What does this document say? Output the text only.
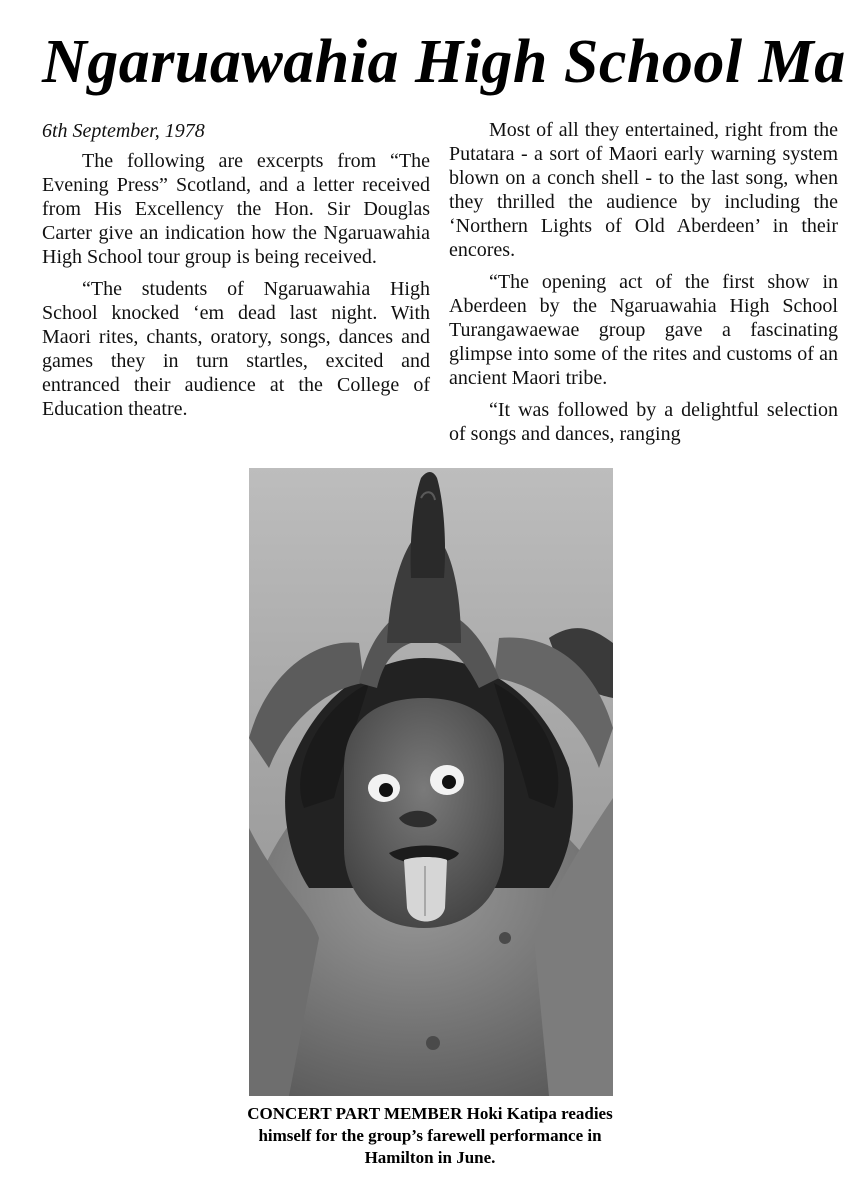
Ngaruawahia High School Ma

6th September, 1978

The following are excerpts from “The Evening Press” Scotland, and a letter received from His Excellency the Hon. Sir Douglas Carter give an indication how the Ngaruawahia High School tour group is being received.

“The students of Ngaruawahia High School knocked ‘em dead last night. With Maori rites, chants, oratory, songs, dances and games they in turn startles, excited and entranced their audience at the College of Education theatre.

Most of all they entertained, right from the Putatara - a sort of Maori early warning system blown on a conch shell - to the last song, when they thrilled the audience by including the ‘Northern Lights of Old Aberdeen’ in their encores.

“The opening act of the first show in Aberdeen by the Ngaruawahia High School Turangawaewae group gave a fascinating glimpse into some of the rites and customs of an ancient Maori tribe.

“It was followed by a delightful selection of songs and dances, ranging

CONCERT PART MEMBER Hoki Katipa readies himself for the group’s farewell performance in Hamilton in June.
